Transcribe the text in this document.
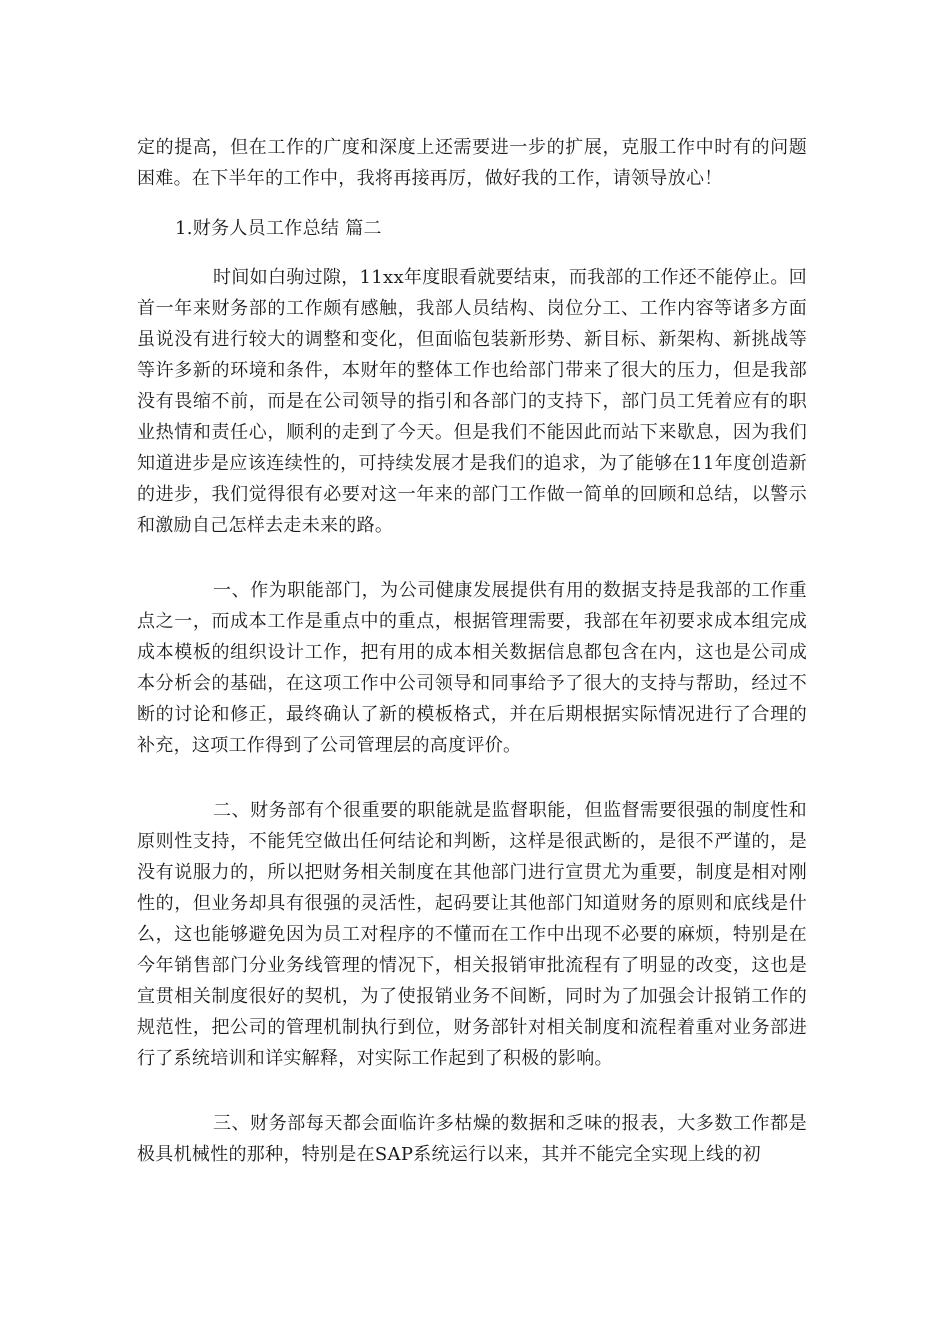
定的提高，但在工作的广度和深度上还需要进一步的扩展，克服工作中时有的问题困难。在下半年的工作中，我将再接再厉，做好我的工作，请领导放心！

1.财务人员工作总结 篇二

时间如白驹过隙，11xx年度眼看就要结束，而我部的工作还不能停止。回首一年来财务部的工作颇有感触，我部人员结构、岗位分工、工作内容等诸多方面虽说没有进行较大的调整和变化，但面临包装新形势、新目标、新架构、新挑战等等许多新的环境和条件，本财年的整体工作也给部门带来了很大的压力，但是我部没有畏缩不前，而是在公司领导的指引和各部门的支持下，部门员工凭着应有的职业热情和责任心，顺利的走到了今天。但是我们不能因此而站下来歇息，因为我们知道进步是应该连续性的，可持续发展才是我们的追求，为了能够在11年度创造新的进步，我们觉得很有必要对这一年来的部门工作做一简单的回顾和总结，以警示和激励自己怎样去走未来的路。

一、作为职能部门，为公司健康发展提供有用的数据支持是我部的工作重点之一，而成本工作是重点中的重点，根据管理需要，我部在年初要求成本组完成成本模板的组织设计工作，把有用的成本相关数据信息都包含在内，这也是公司成本分析会的基础，在这项工作中公司领导和同事给予了很大的支持与帮助，经过不断的讨论和修正，最终确认了新的模板格式，并在后期根据实际情况进行了合理的补充，这项工作得到了公司管理层的高度评价。

二、财务部有个很重要的职能就是监督职能，但监督需要很强的制度性和原则性支持，不能凭空做出任何结论和判断，这样是很武断的，是很不严谨的，是没有说服力的，所以把财务相关制度在其他部门进行宣贯尤为重要，制度是相对刚性的，但业务却具有很强的灵活性，起码要让其他部门知道财务的原则和底线是什么，这也能够避免因为员工对程序的不懂而在工作中出现不必要的麻烦，特别是在今年销售部门分业务线管理的情况下，相关报销审批流程有了明显的改变，这也是宣贯相关制度很好的契机，为了使报销业务不间断，同时为了加强会计报销工作的规范性，把公司的管理机制执行到位，财务部针对相关制度和流程着重对业务部进行了系统培训和详实解释，对实际工作起到了积极的影响。

三、财务部每天都会面临许多枯燥的数据和乏味的报表，大多数工作都是极具机械性的那种，特别是在SAP系统运行以来，其并不能完全实现上线的初
